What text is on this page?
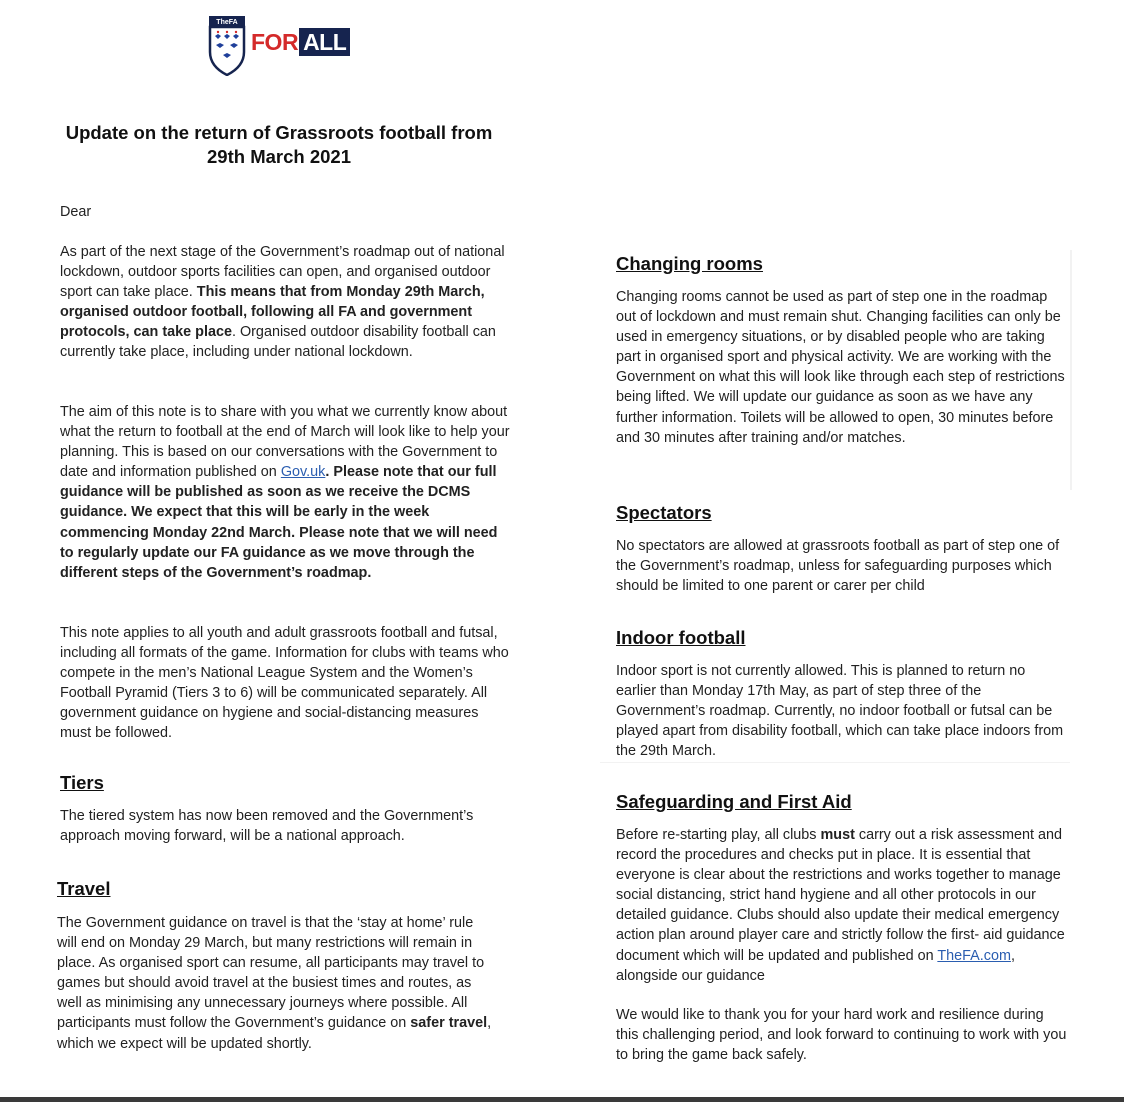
TheFA
FOR ALL
Update on the return of Grassroots football from
29th March 2021
Dear

As part of the next stage of the Government’s roadmap out of national lockdown, outdoor sports facilities can open, and organised outdoor sport can take place. This means that from Monday 29th March, organised outdoor football, following all FA and government protocols, can take place. Organised outdoor disability football can currently take place, including under national lockdown.

The aim of this note is to share with you what we currently know about what the return to football at the end of March will look like to help your planning. This is based on our conversations with the Government to date and information published on Gov.uk. Please note that our full guidance will be published as soon as we receive the DCMS guidance. We expect that this will be early in the week commencing Monday 22nd March. Please note that we will need to regularly update our FA guidance as we move through the different steps of the Government’s roadmap.

This note applies to all youth and adult grassroots football and futsal, including all formats of the game. Information for clubs with teams who compete in the men’s National League System and the Women’s Football Pyramid (Tiers 3 to 6) will be communicated separately. All government guidance on hygiene and social-distancing measures must be followed.

Tiers

The tiered system has now been removed and the Government’s approach moving forward, will be a national approach.

Travel

The Government guidance on travel is that the ‘stay at home’ rule will end on Monday 29 March, but many restrictions will remain in place. As organised sport can resume, all participants may travel to games but should avoid travel at the busiest times and routes, as well as minimising any unnecessary journeys where possible. All participants must follow the Government’s guidance on safer travel, which we expect will be updated shortly.

Changing rooms

Changing rooms cannot be used as part of step one in the roadmap out of lockdown and must remain shut. Changing facilities can only be used in emergency situations, or by disabled people who are taking part in organised sport and physical activity. We are working with the Government on what this will look like through each step of restrictions being lifted. We will update our guidance as soon as we have any further information. Toilets will be allowed to open, 30 minutes before and 30 minutes after training and/or matches.

Spectators

No spectators are allowed at grassroots football as part of step one of the Government’s roadmap, unless for safeguarding purposes which should be limited to one parent or carer per child

Indoor football

Indoor sport is not currently allowed. This is planned to return no earlier than Monday 17th May, as part of step three of the Government’s roadmap. Currently, no indoor football or futsal can be played apart from disability football, which can take place indoors from the 29th March.

Safeguarding and First Aid

Before re-starting play, all clubs must carry out a risk assessment and record the procedures and checks put in place. It is essential that everyone is clear about the restrictions and works together to manage social distancing, strict hand hygiene and all other protocols in our detailed guidance. Clubs should also update their medical emergency action plan around player care and strictly follow the first- aid guidance document which will be updated and published on TheFA.com, alongside our guidance

We would like to thank you for your hard work and resilience during this challenging period, and look forward to continuing to work with you to bring the game back safely.
